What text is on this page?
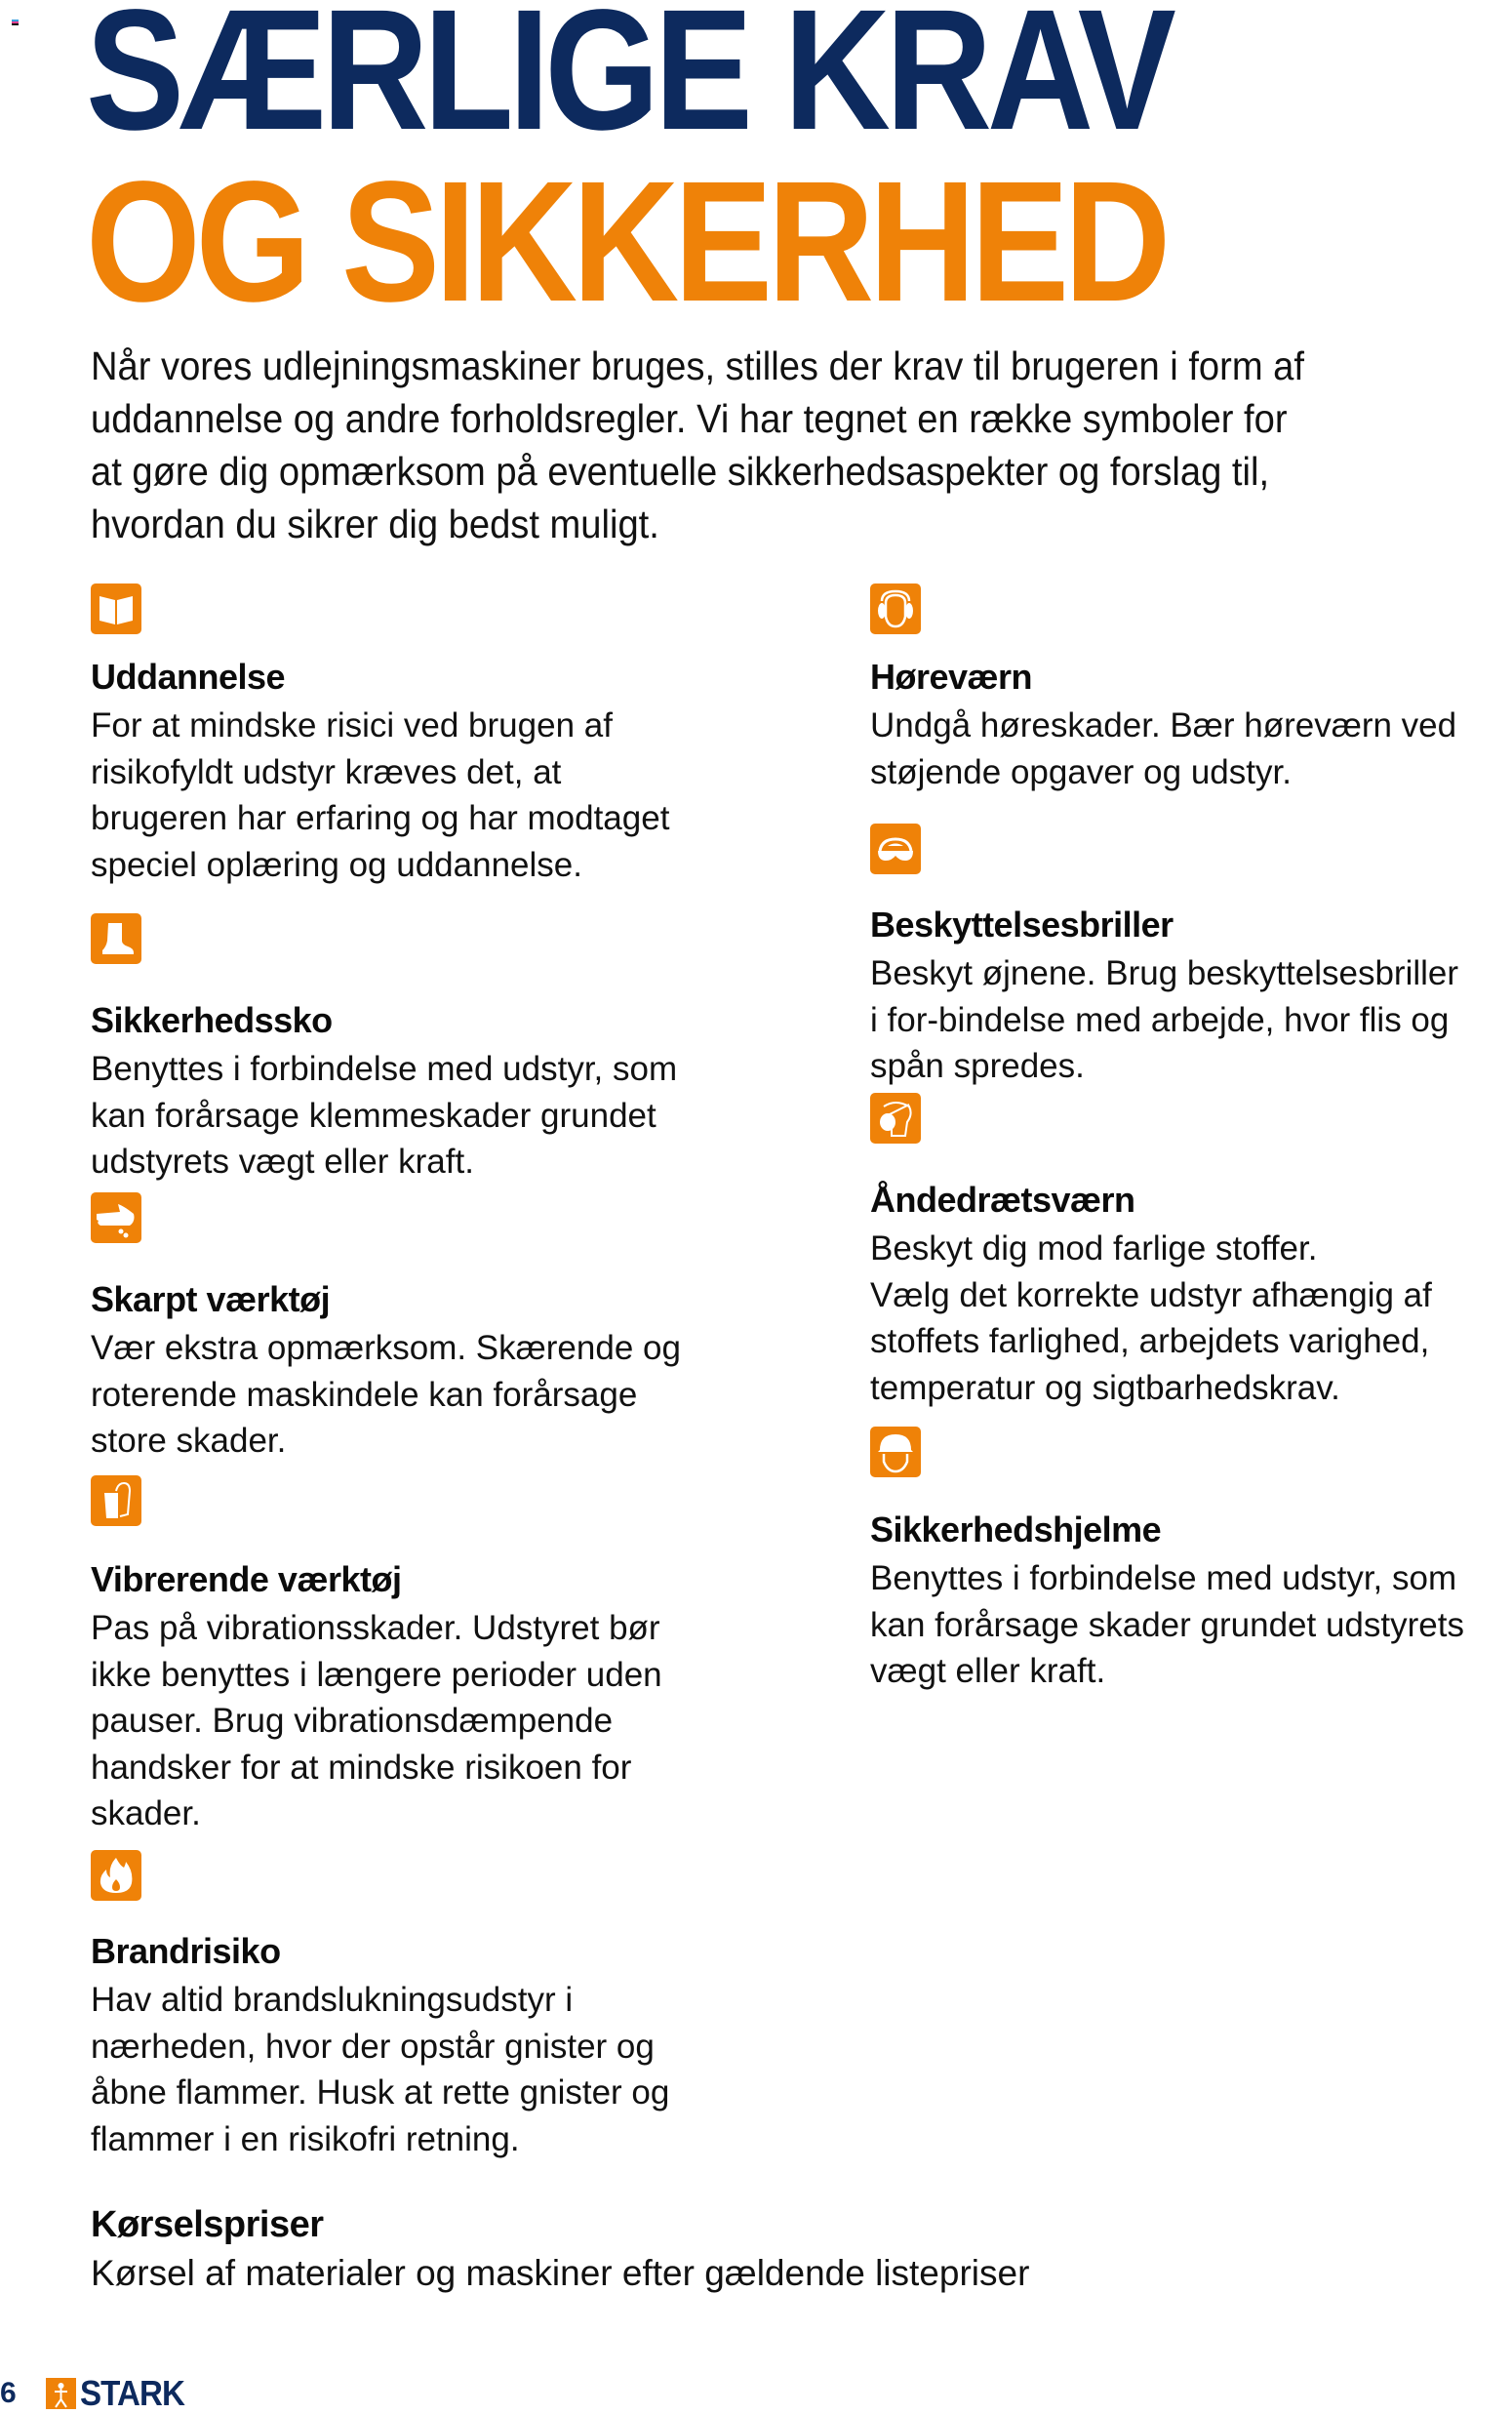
SÆRLIGE KRAV
OG SIKKERHED
Når vores udlejningsmaskiner bruges, stilles der krav til brugeren i form af
uddannelse og andre forholdsregler. Vi har tegnet en række symboler for
at gøre dig opmærksom på eventuelle sikkerhedsaspekter og forslag til,
hvordan du sikrer dig bedst muligt.
Uddannelse
For at mindske risici ved brugen af
risikofyldt udstyr kræves det, at
brugeren har erfaring og har modtaget
speciel oplæring og uddannelse.
Sikkerhedssko
Benyttes i forbindelse med udstyr, som
kan forårsage klemmeskader grundet
udstyrets vægt eller kraft.
Skarpt værktøj
Vær ekstra opmærksom. Skærende og
roterende maskindele kan forårsage
store skader.
Vibrerende værktøj
Pas på vibrationsskader. Udstyret bør
ikke benyttes i længere perioder uden
pauser. Brug vibrationsdæmpende
handsker for at mindske risikoen for
skader.
Brandrisiko
Hav altid brandslukningsudstyr i
nærheden, hvor der opstår gnister og
åbne flammer. Husk at rette gnister og
flammer i en risikofri retning.
Høreværn
Undgå høreskader. Bær høreværn ved
støjende opgaver og udstyr.
Beskyttelsesbriller
Beskyt øjnene. Brug beskyttelsesbriller
i for-bindelse med arbejde, hvor flis og
spån spredes.
Åndedrætsværn
Beskyt dig mod farlige stoffer.
Vælg det korrekte udstyr afhængig af
stoffets farlighed, arbejdets varighed,
temperatur og sigtbarhedskrav.
Sikkerhedshjelme
Benyttes i forbindelse med udstyr, som
kan forårsage skader grundet udstyrets
vægt eller kraft.
Kørselspriser
Kørsel af materialer og maskiner efter gældende listepriser
6 STARK
